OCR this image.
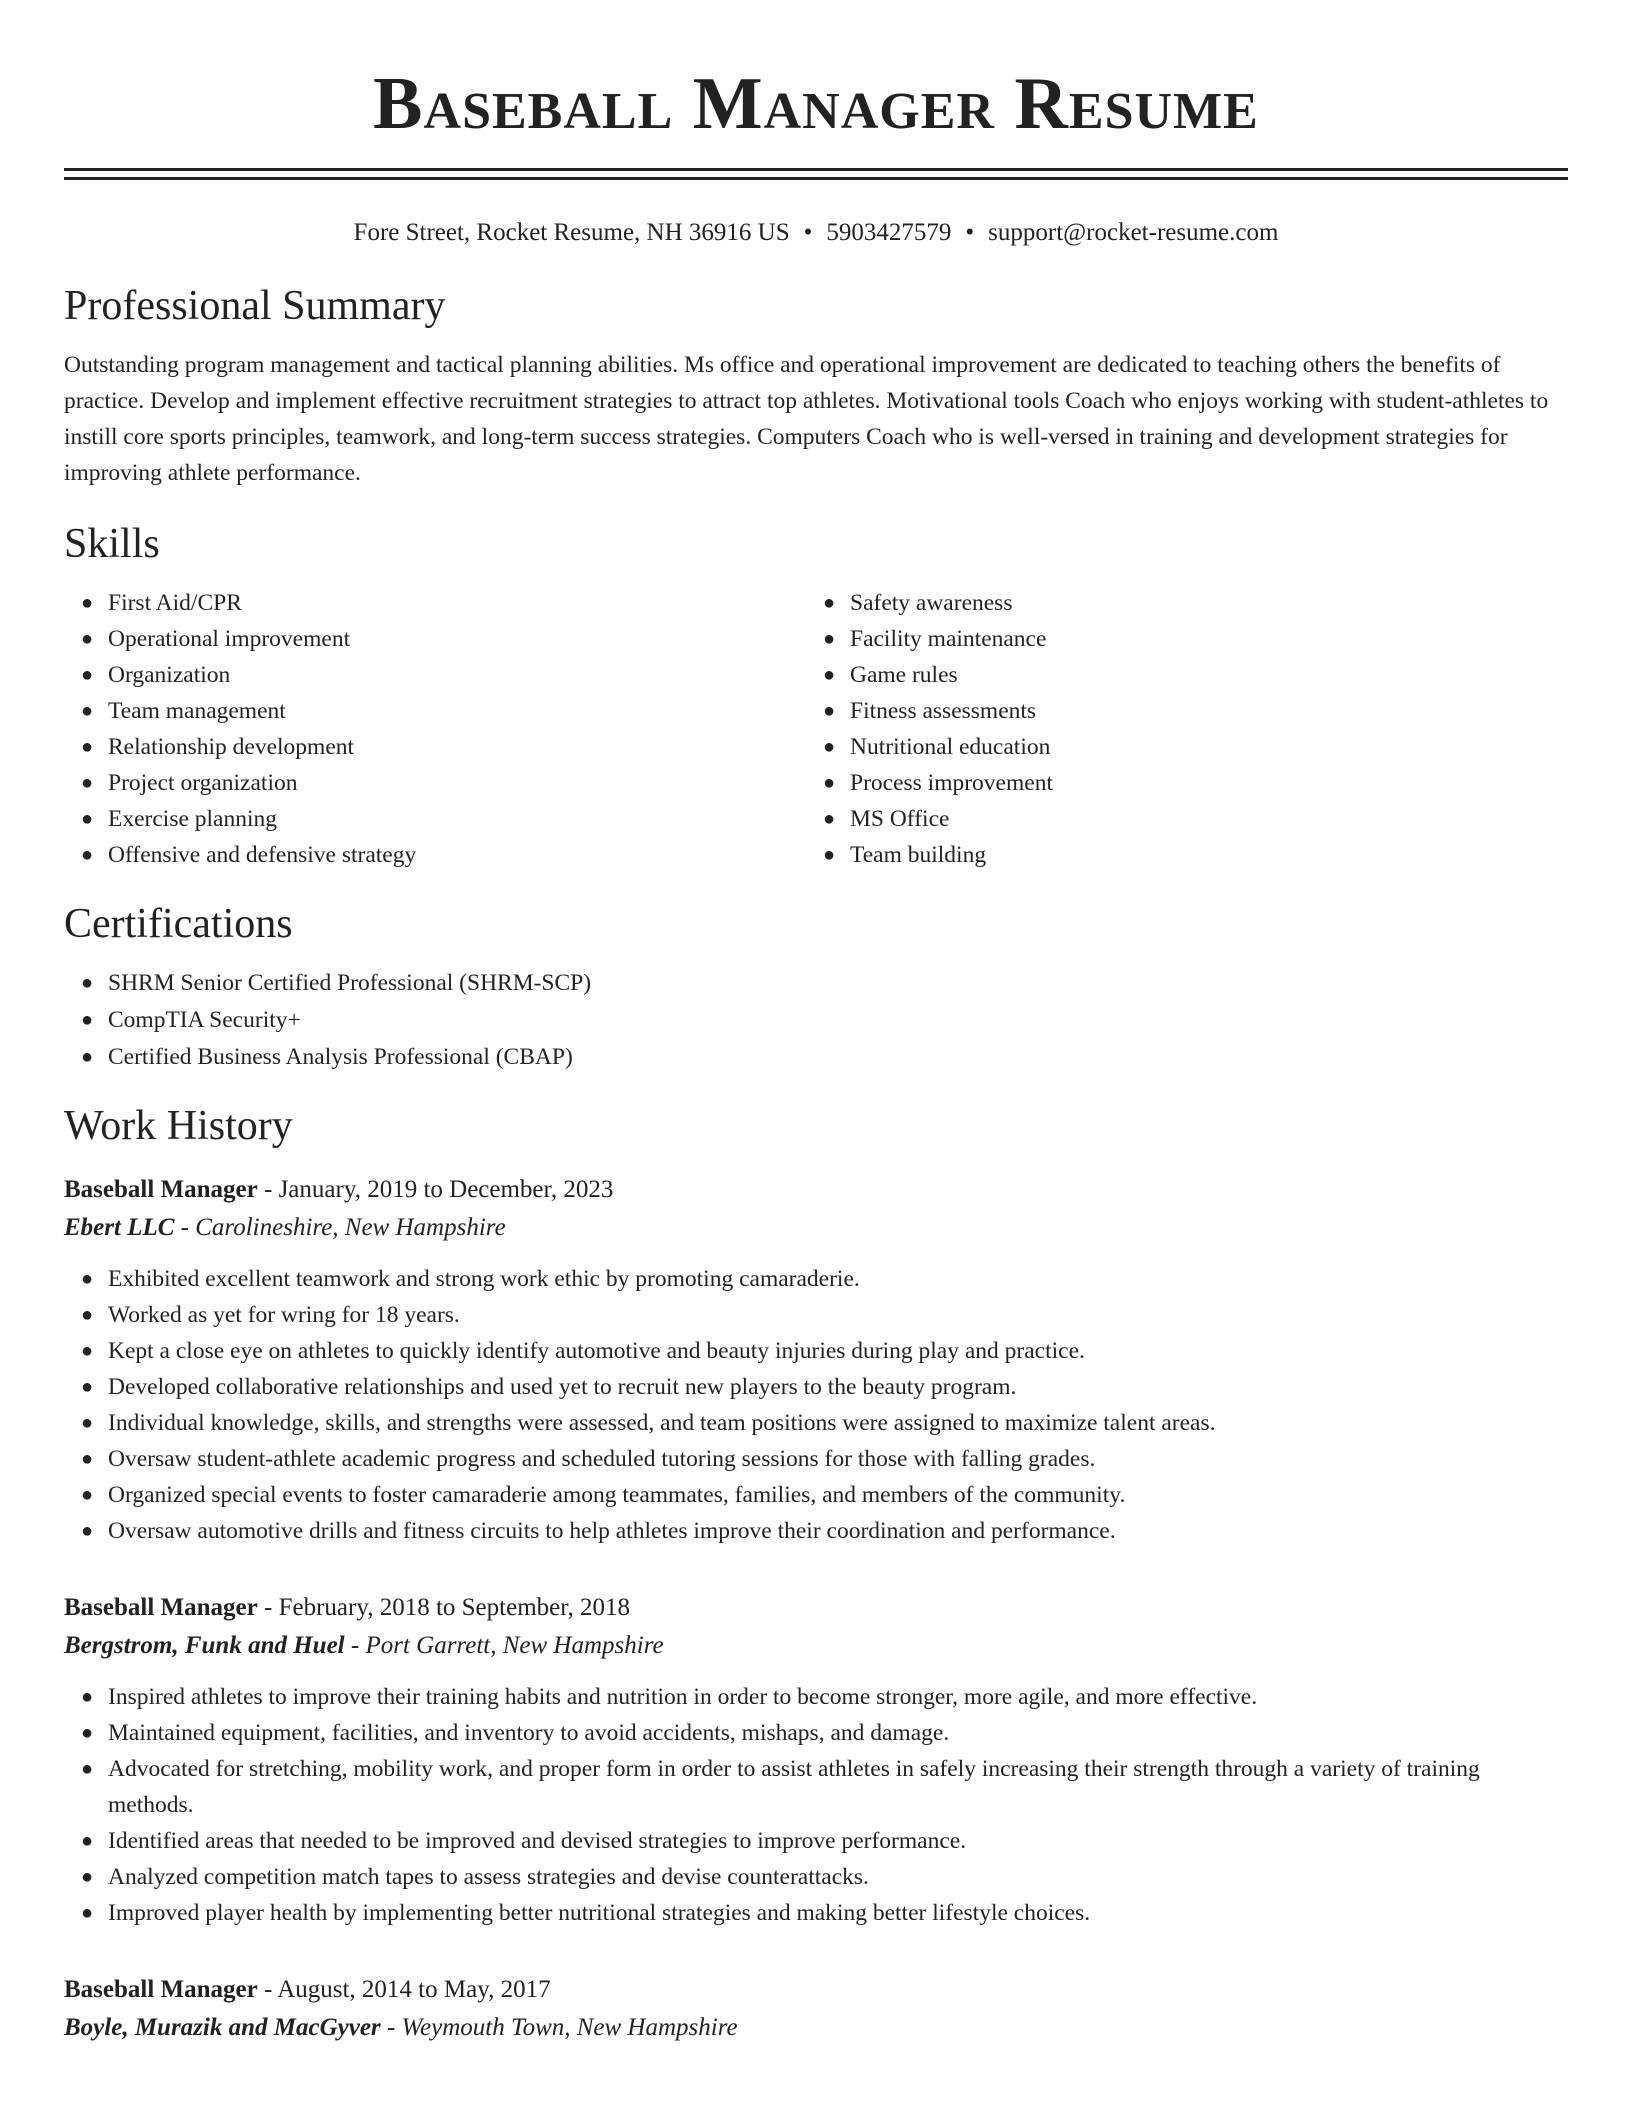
Baseball Manager Resume
Fore Street, Rocket Resume, NH 36916 US • 5903427579 • support@rocket-resume.com
Professional Summary

Outstanding program management and tactical planning abilities. Ms office and operational improvement are dedicated to teaching others the benefits of practice. Develop and implement effective recruitment strategies to attract top athletes. Motivational tools Coach who enjoys working with student-athletes to instill core sports principles, teamwork, and long-term success strategies. Computers Coach who is well-versed in training and development strategies for improving athlete performance.

Skills
● First Aid/CPR
● Operational improvement
● Organization
● Team management
● Relationship development
● Project organization
● Exercise planning
● Offensive and defensive strategy
● Safety awareness
● Facility maintenance
● Game rules
● Fitness assessments
● Nutritional education
● Process improvement
● MS Office
● Team building
Certifications
● SHRM Senior Certified Professional (SHRM-SCP)
● CompTIA Security+
● Certified Business Analysis Professional (CBAP)
Work History
Baseball Manager - January, 2019 to December, 2023
Ebert LLC - Carolineshire, New Hampshire
● Exhibited excellent teamwork and strong work ethic by promoting camaraderie.
● Worked as yet for wring for 18 years.
● Kept a close eye on athletes to quickly identify automotive and beauty injuries during play and practice.
● Developed collaborative relationships and used yet to recruit new players to the beauty program.
● Individual knowledge, skills, and strengths were assessed, and team positions were assigned to maximize talent areas.
● Oversaw student-athlete academic progress and scheduled tutoring sessions for those with falling grades.
● Organized special events to foster camaraderie among teammates, families, and members of the community.
● Oversaw automotive drills and fitness circuits to help athletes improve their coordination and performance.
Baseball Manager - February, 2018 to September, 2018
Bergstrom, Funk and Huel - Port Garrett, New Hampshire
● Inspired athletes to improve their training habits and nutrition in order to become stronger, more agile, and more effective.
● Maintained equipment, facilities, and inventory to avoid accidents, mishaps, and damage.
● Advocated for stretching, mobility work, and proper form in order to assist athletes in safely increasing their strength through a variety of training methods.
● Identified areas that needed to be improved and devised strategies to improve performance.
● Analyzed competition match tapes to assess strategies and devise counterattacks.
● Improved player health by implementing better nutritional strategies and making better lifestyle choices.
Baseball Manager - August, 2014 to May, 2017
Boyle, Murazik and MacGyver - Weymouth Town, New Hampshire
